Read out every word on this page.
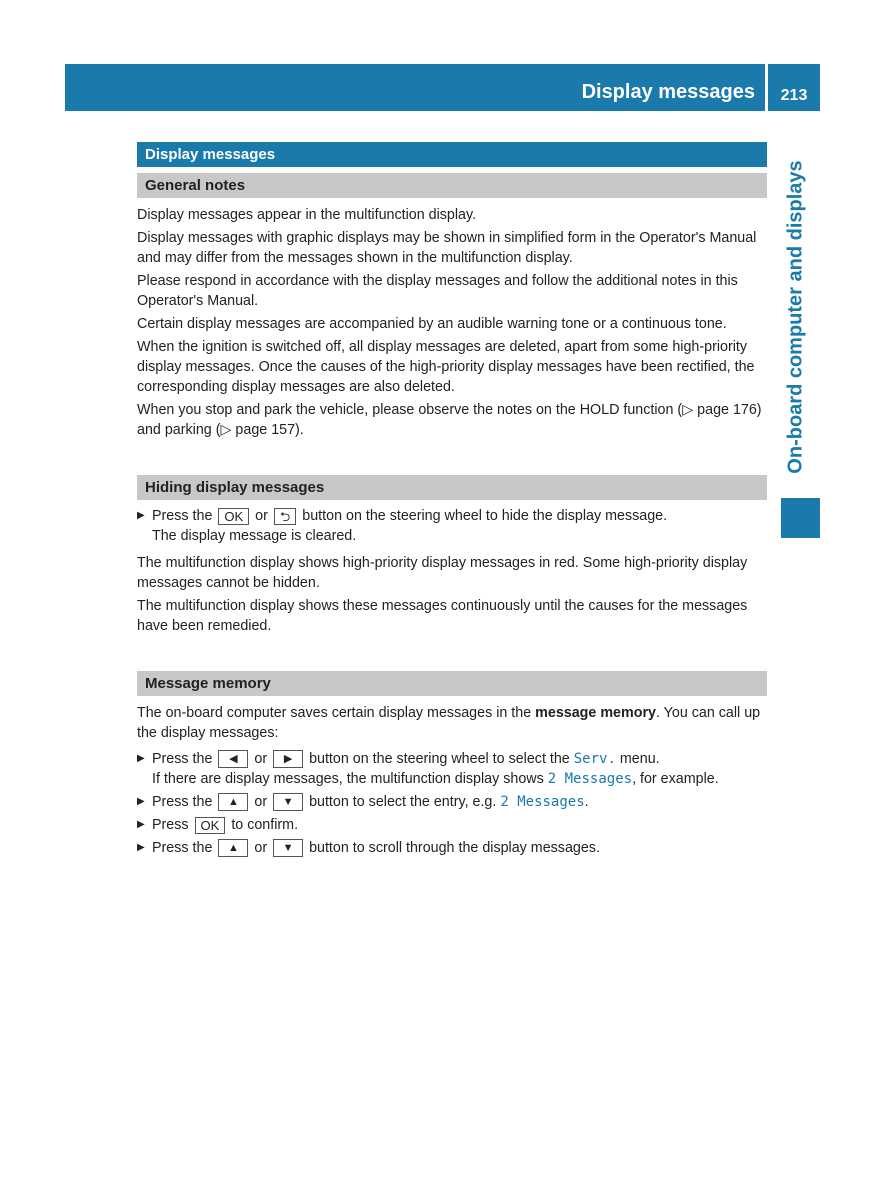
Display messages	213
On-board computer and displays
Display messages
General notes

Display messages appear in the multifunction display.

Display messages with graphic displays may be shown in simplified form in the Operator's Manual and may differ from the messages shown in the multifunction display.

Please respond in accordance with the display messages and follow the additional notes in this Operator's Manual.

Certain display messages are accompanied by an audible warning tone or a continuous tone.

When the ignition is switched off, all display messages are deleted, apart from some high-priority display messages. Once the causes of the high-priority display messages have been rectified, the corresponding display messages are also deleted.

When you stop and park the vehicle, please observe the notes on the HOLD function (▷ page 176) and parking (▷ page 157).

Hiding display messages
▶ Press the OK or ⮌ button on the steering wheel to hide the display message.

The display message is cleared.

The multifunction display shows high-priority display messages in red. Some high-priority display messages cannot be hidden.

The multifunction display shows these messages continuously until the causes for the messages have been remedied.

Message memory

The on-board computer saves certain display messages in the message memory. You can call up the display messages:

▶ Press the ◀ or ▶ button on the steering wheel to select the Serv. menu.

If there are display messages, the multifunction display shows 2 Messages, for example.

▶ Press the ▲ or ▼ button to select the entry, e.g. 2 Messages.
▶ Press OK to confirm.
▶ Press the ▲ or ▼ button to scroll through the display messages.
